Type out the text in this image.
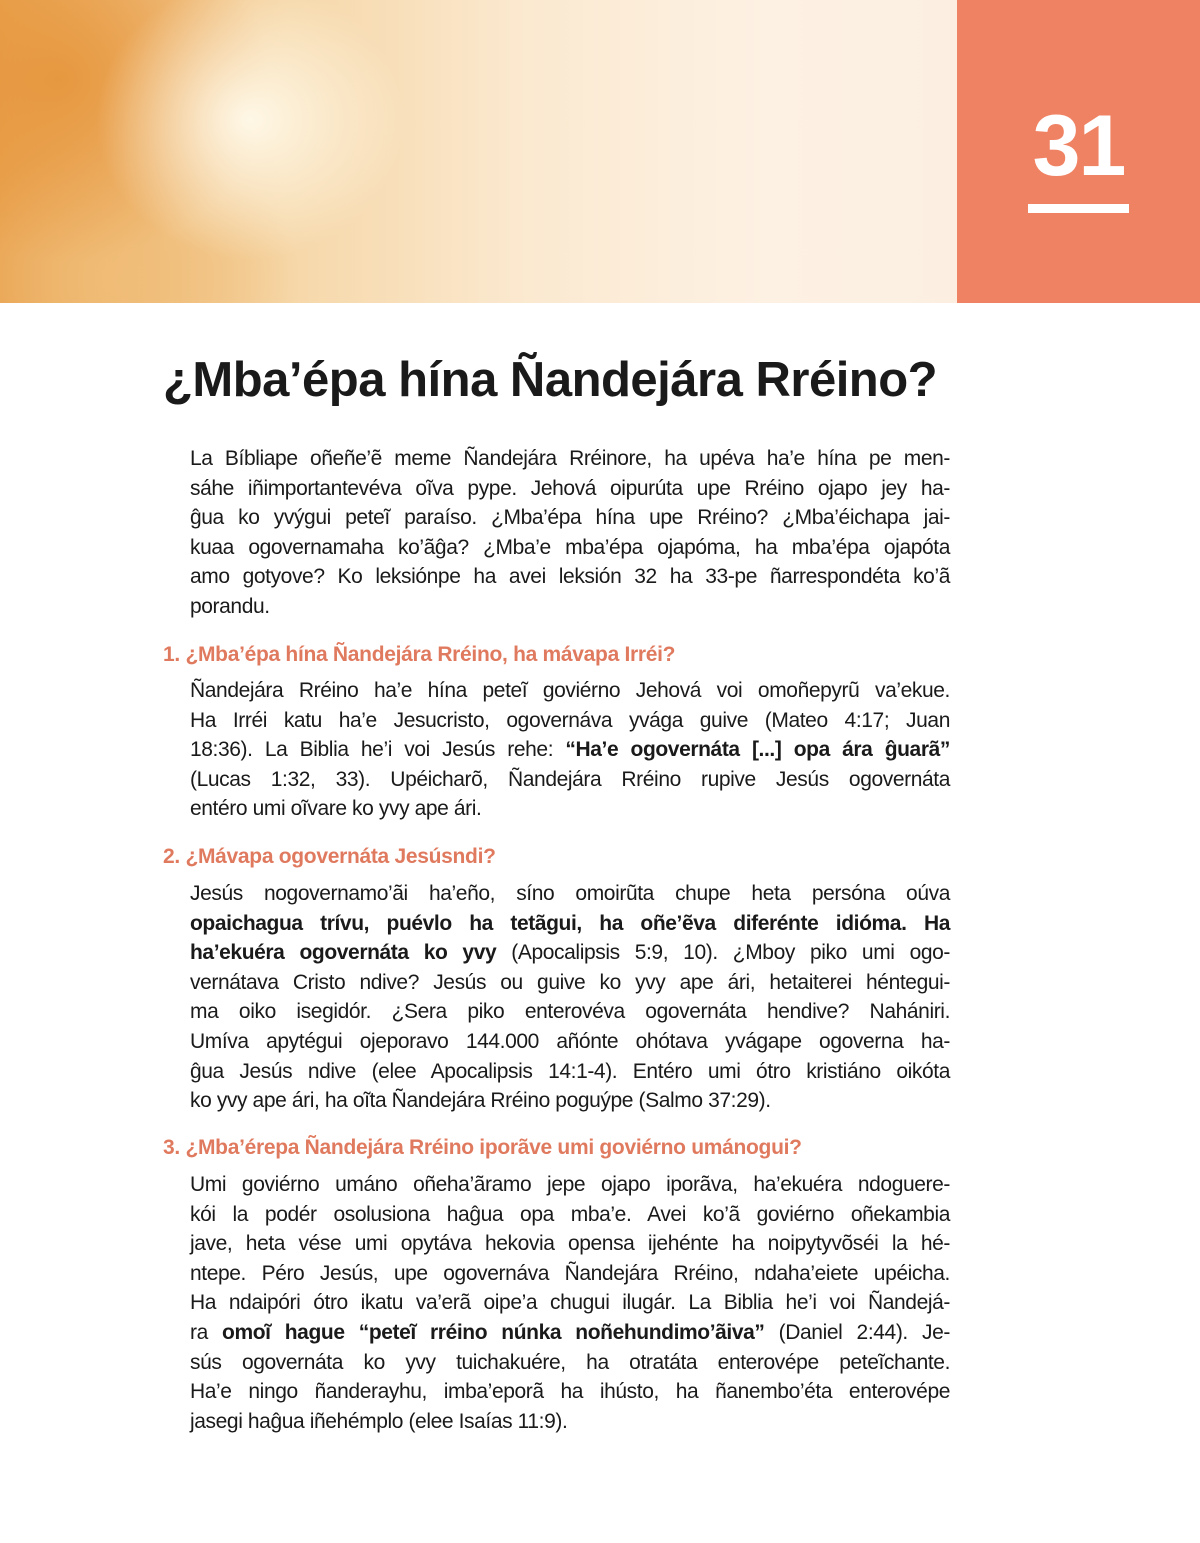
31
¿Mba’épa hína Ñandejára Rréino?
La Bíbliape oñeñe’ẽ meme Ñandejára Rréinore, ha upéva ha’e hína pe men-
sáhe iñimportantevéva oĩva pype. Jehová oipurúta upe Rréino ojapo jey ha-
ĝua ko yvýgui peteĩ paraíso. ¿Mba’épa hína upe Rréino? ¿Mba’éichapa jai-
kuaa ogovernamaha ko’ãĝa? ¿Mba’e mba’épa ojapóma, ha mba’épa ojapóta
amo gotyove? Ko leksiónpe ha avei leksión 32 ha 33-pe ñarrespondéta ko’ã
porandu.
1. ¿Mba’épa hína Ñandejára Rréino, ha mávapa Irréi?
Ñandejára Rréino ha’e hína peteĩ goviérno Jehová voi omoñepyrũ va’ekue.
Ha Irréi katu ha’e Jesucristo, ogovernáva yvága guive (Mateo 4:17; Juan
18:36). La Biblia he’i voi Jesús rehe: “Ha’e ogovernáta [...] opa ára ĝuarã”
(Lucas 1:32, 33). Upéicharõ, Ñandejára Rréino rupive Jesús ogovernáta
entéro umi oĩvare ko yvy ape ári.
2. ¿Mávapa ogovernáta Jesúsndi?
Jesús nogovernamo’ãi ha’eño, síno omoirũta chupe heta persóna oúva
opaichagua trívu, puévlo ha tetãgui, ha oñe’ẽva diferénte idióma. Ha
ha’ekuéra ogovernáta ko yvy (Apocalipsis 5:9, 10). ¿Mboy piko umi ogo-
vernátava Cristo ndive? Jesús ou guive ko yvy ape ári, hetaiterei héntegui-
ma oiko isegidór. ¿Sera piko enterovéva ogovernáta hendive? Nahániri.
Umíva apytégui ojeporavo 144.000 añónte ohótava yvágape ogoverna ha-
ĝua Jesús ndive (elee Apocalipsis 14:1-4). Entéro umi ótro kristiáno oikóta
ko yvy ape ári, ha oĩta Ñandejára Rréino poguýpe (Salmo 37:29).
3. ¿Mba’érepa Ñandejára Rréino iporãve umi goviérno umánogui?
Umi goviérno umáno oñeha’ãramo jepe ojapo iporãva, ha’ekuéra ndoguere-
kói la podér osolusiona haĝua opa mba’e. Avei ko’ã goviérno oñekambia
jave, heta vése umi opytáva hekovia opensa ijehénte ha noipytyvõséi la hé-
ntepe. Péro Jesús, upe ogovernáva Ñandejára Rréino, ndaha’eiete upéicha.
Ha ndaipóri ótro ikatu va’erã oipe’a chugui ilugár. La Biblia he’i voi Ñandejá-
ra omoĩ hague “peteĩ rréino núnka noñehundimo’ãiva” (Daniel 2:44). Je-
sús ogovernáta ko yvy tuichakuére, ha otratáta enterovépe peteĩchante.
Ha’e ningo ñanderayhu, imba’eporã ha ihústo, ha ñanembo’éta enterovépe
jasegi haĝua iñehémplo (elee Isaías 11:9).
